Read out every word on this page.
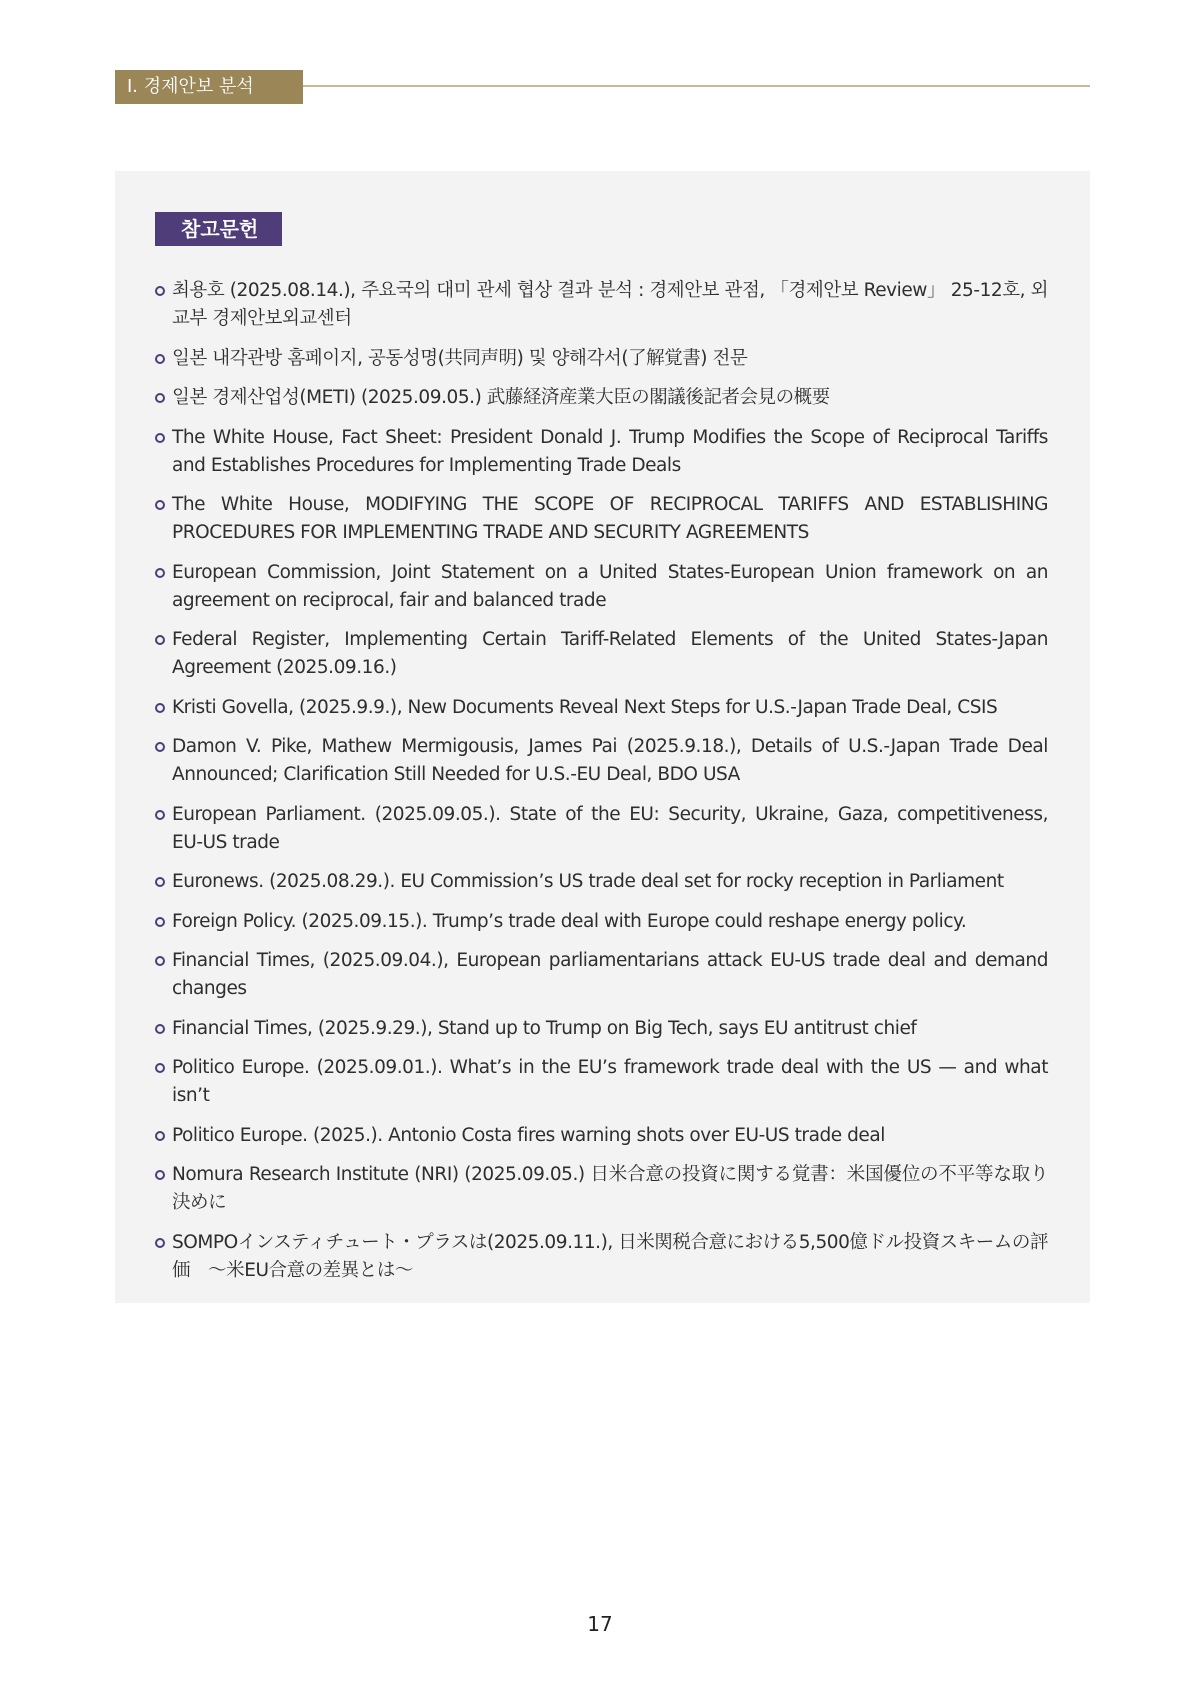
Ⅰ. 경제안보 분석
참고문헌
최용호 (2025.08.14.), 주요국의 대미 관세 협상 결과 분석 : 경제안보 관점, 「경제안보 Review」 25-12호, 외교부 경제안보외교센터
일본 내각관방 홈페이지, 공동성명(共同声明) 및 양해각서(了解覚書) 전문
일본 경제산업성(METI) (2025.09.05.) 武藤経済産業大臣の閣議後記者会見の概要
The White House, Fact Sheet: President Donald J. Trump Modifies the Scope of Reciprocal Tariffs and Establishes Procedures for Implementing Trade Deals
The White House, MODIFYING THE SCOPE OF RECIPROCAL TARIFFS AND ESTABLISHING PROCEDURES FOR IMPLEMENTING TRADE AND SECURITY AGREEMENTS
European Commission, Joint Statement on a United States-European Union framework on an agreement on reciprocal, fair and balanced trade
Federal Register, Implementing Certain Tariff-Related Elements of the United States-Japan Agreement (2025.09.16.)
Kristi Govella, (2025.9.9.), New Documents Reveal Next Steps for U.S.-Japan Trade Deal, CSIS
Damon V. Pike, Mathew Mermigousis, James Pai (2025.9.18.), Details of U.S.-Japan Trade Deal Announced; Clarification Still Needed for U.S.-EU Deal, BDO USA
European Parliament. (2025.09.05.). State of the EU: Security, Ukraine, Gaza, competitiveness, EU-US trade
Euronews. (2025.08.29.). EU Commission’s US trade deal set for rocky reception in Parliament
Foreign Policy. (2025.09.15.). Trump’s trade deal with Europe could reshape energy policy.
Financial Times, (2025.09.04.), European parliamentarians attack EU-US trade deal and demand changes
Financial Times, (2025.9.29.), Stand up to Trump on Big Tech, says EU antitrust chief
Politico Europe. (2025.09.01.). What’s in the EU’s framework trade deal with the US — and what isn’t
Politico Europe. (2025.). Antonio Costa fires warning shots over EU-US trade deal
Nomura Research Institute (NRI) (2025.09.05.) 日米合意の投資に関する覚書：米国優位の不平等な取り決めに
SOMPOインスティチュート・プラスは(2025.09.11.), 日米関税合意における5,500億ドル投資スキームの評価　～米EU合意の差異とは～
17
